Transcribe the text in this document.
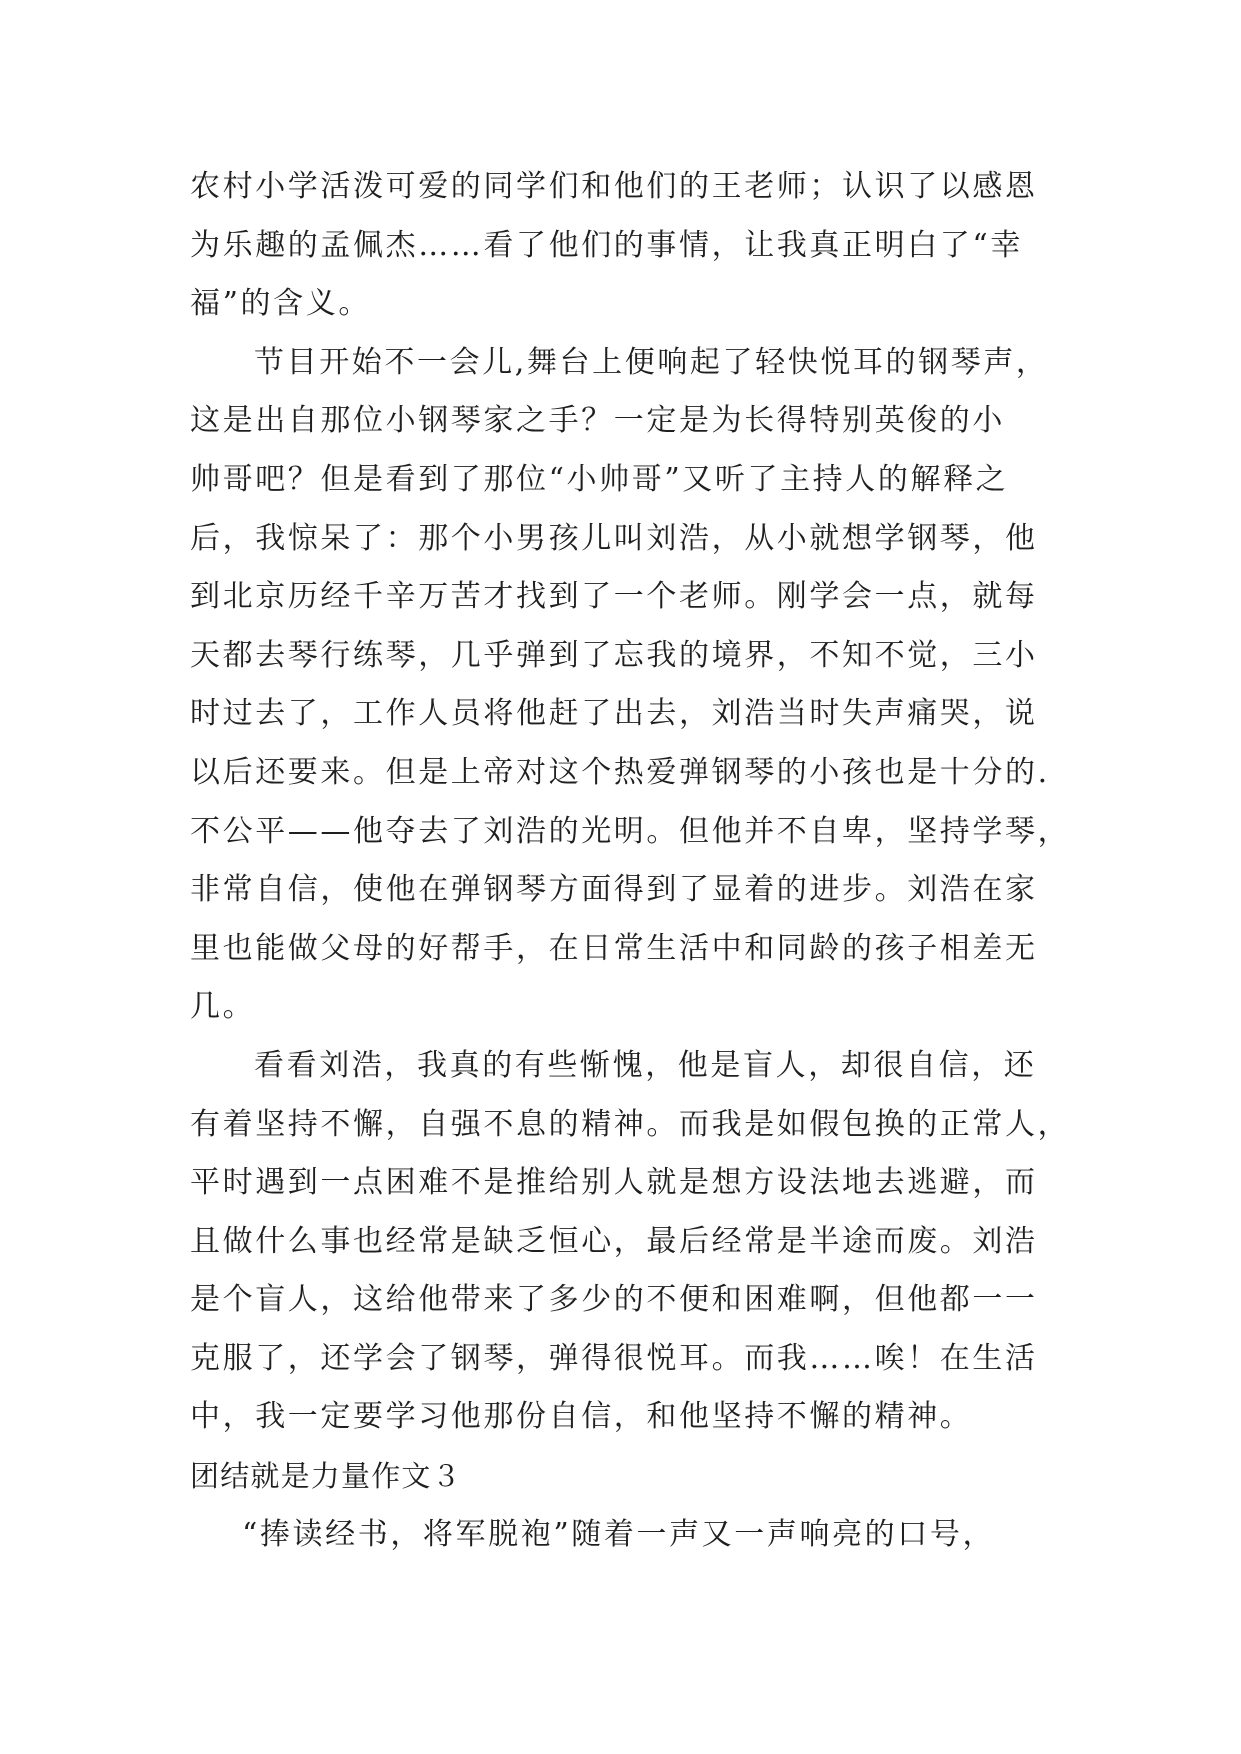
农村小学活泼可爱的同学们和他们的王老师；认识了以感恩
为乐趣的孟佩杰……看了他们的事情，让我真正明白了“幸
福”的含义。
节目开始不一会儿,舞台上便响起了轻快悦耳的钢琴声，
这是出自那位小钢琴家之手？一定是为长得特别英俊的小
帅哥吧？但是看到了那位“小帅哥”又听了主持人的解释之
后，我惊呆了：那个小男孩儿叫刘浩，从小就想学钢琴，他
到北京历经千辛万苦才找到了一个老师。刚学会一点，就每
天都去琴行练琴，几乎弹到了忘我的境界，不知不觉，三小
时过去了，工作人员将他赶了出去，刘浩当时失声痛哭，说
以后还要来。但是上帝对这个热爱弹钢琴的小孩也是十分的.
不公平——他夺去了刘浩的光明。但他并不自卑，坚持学琴，
非常自信，使他在弹钢琴方面得到了显着的进步。刘浩在家
里也能做父母的好帮手，在日常生活中和同龄的孩子相差无
几。
看看刘浩，我真的有些惭愧，他是盲人，却很自信，还
有着坚持不懈，自强不息的精神。而我是如假包换的正常人，
平时遇到一点困难不是推给别人就是想方设法地去逃避，而
且做什么事也经常是缺乏恒心，最后经常是半途而废。刘浩
是个盲人，这给他带来了多少的不便和困难啊，但他都一一
克服了，还学会了钢琴，弹得很悦耳。而我……唉！在生活
中，我一定要学习他那份自信，和他坚持不懈的精神。
团结就是力量作文３
“捧读经书，将军脱袍”随着一声又一声响亮的口号，
